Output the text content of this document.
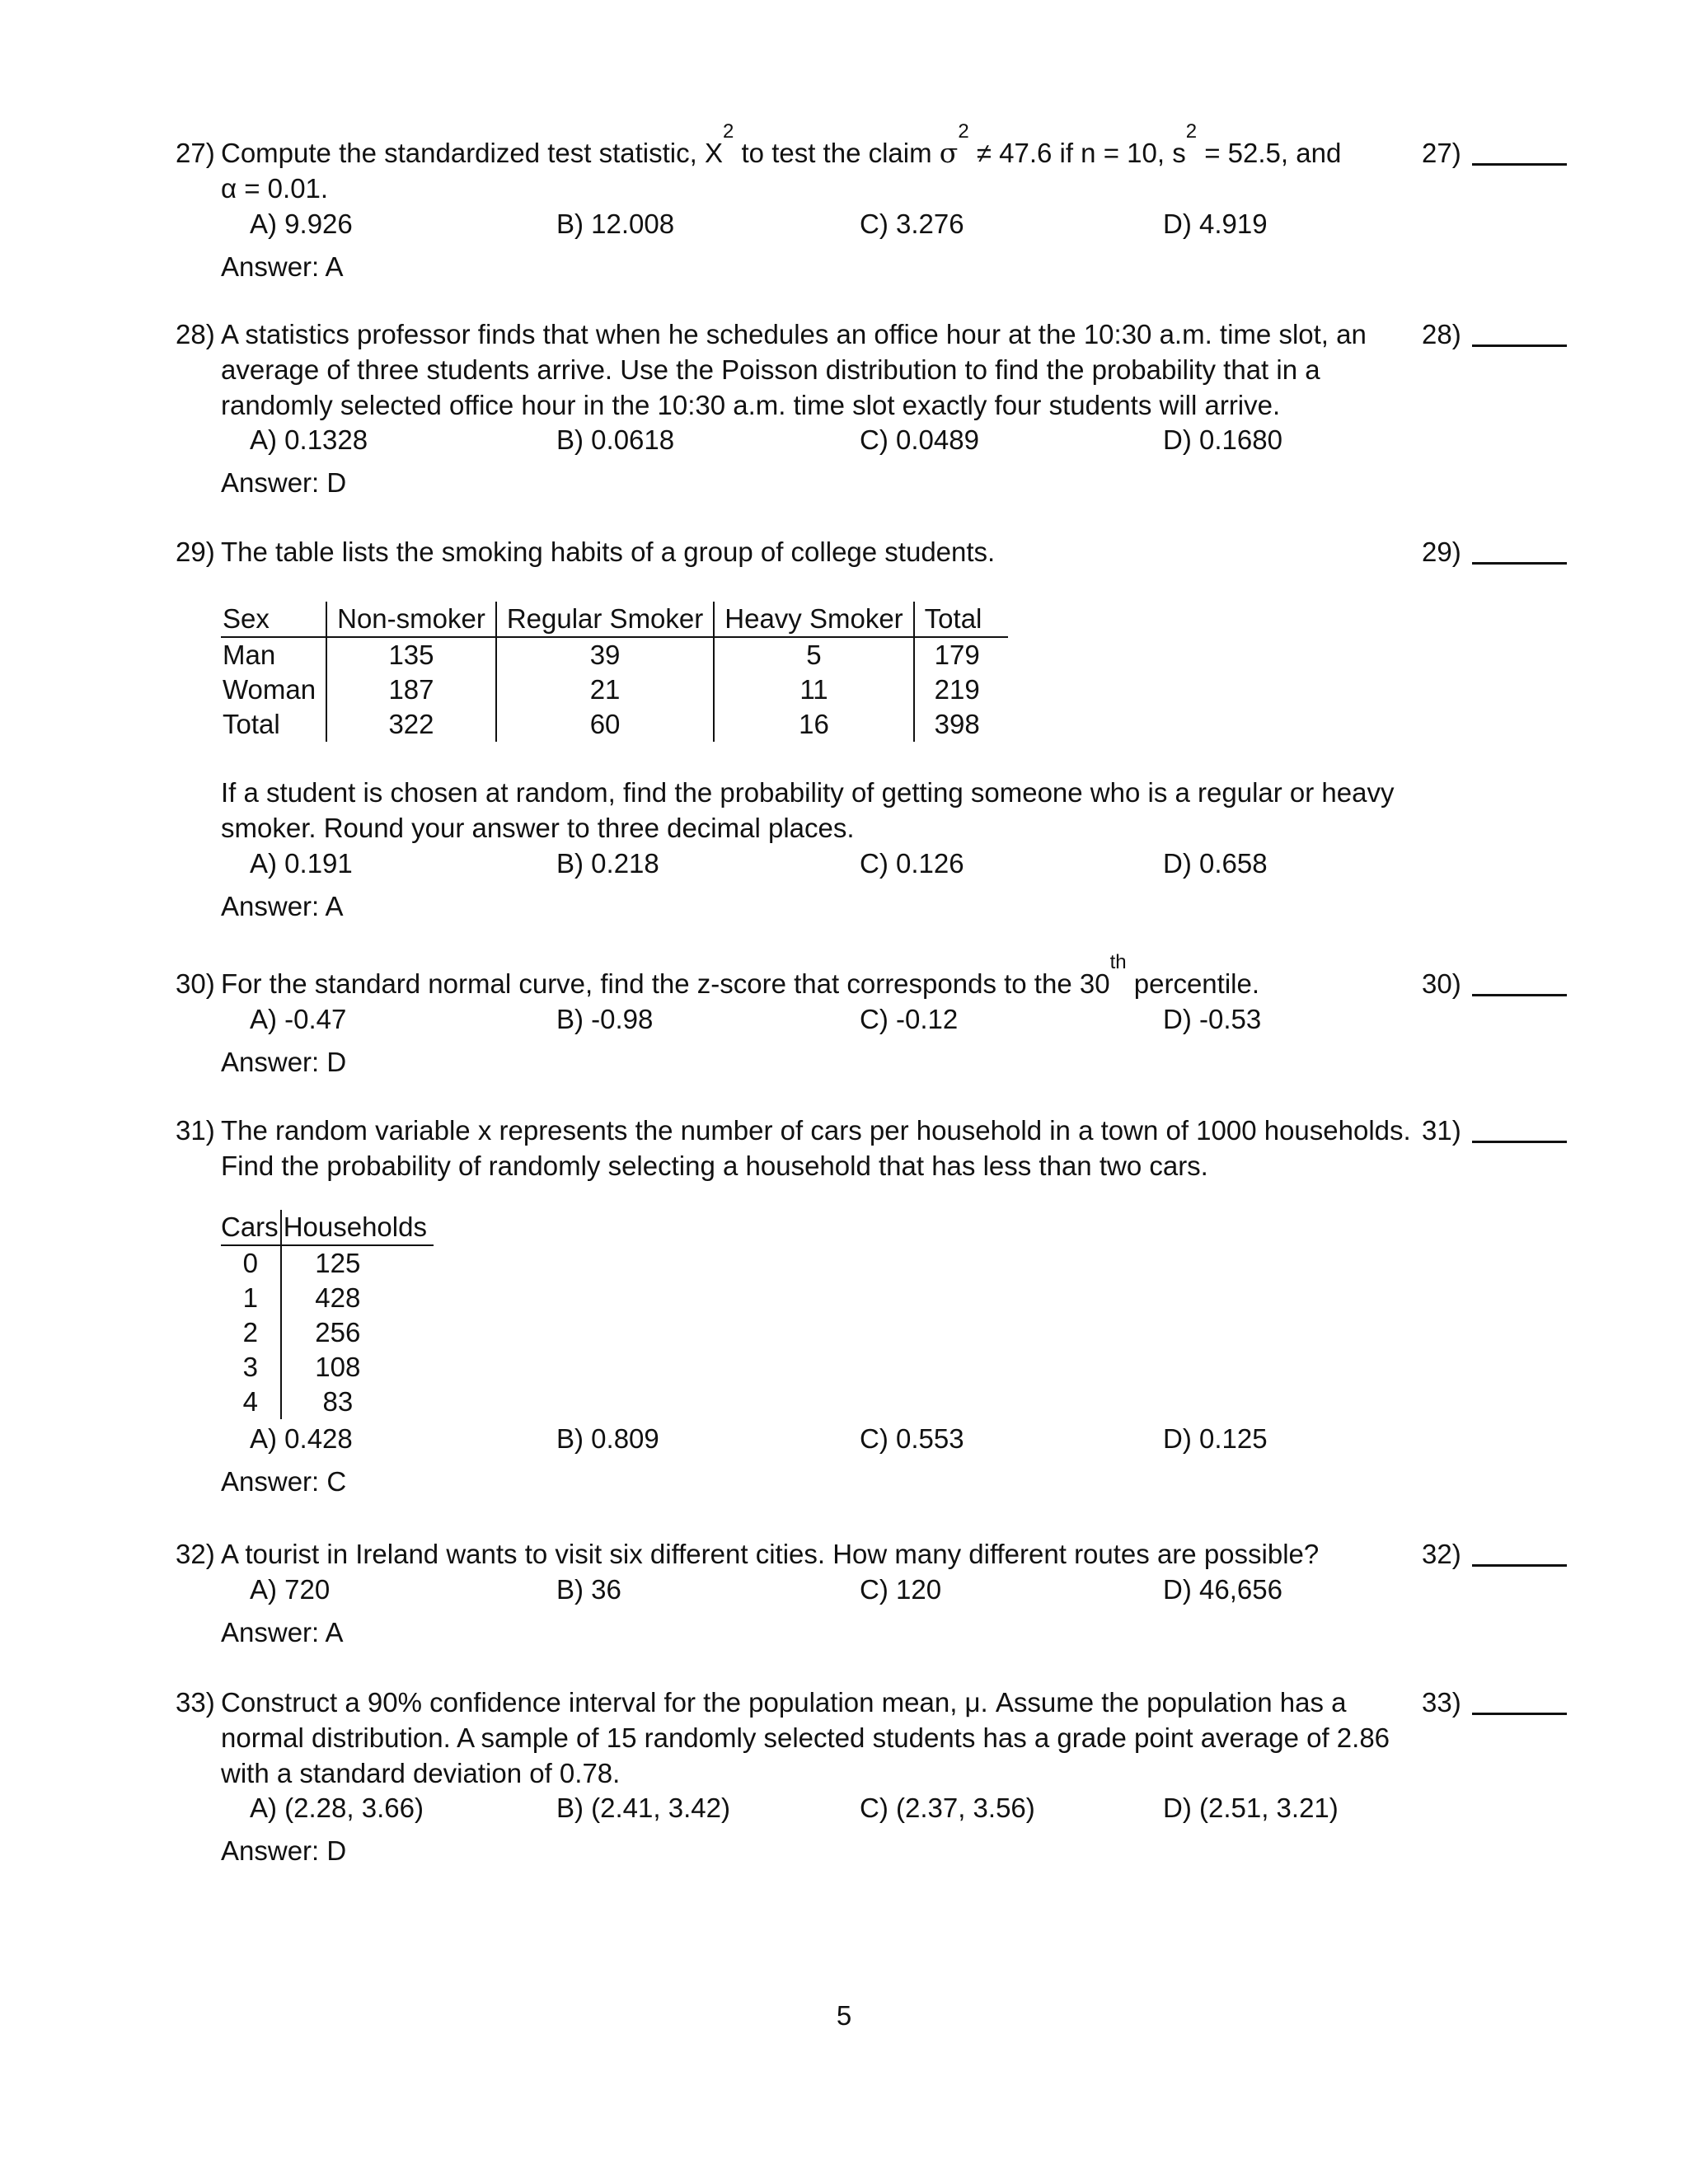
27) Compute the standardized test statistic, $X^2$ to test the claim $\sigma^2 \ne 47.6$ if n = 10, $s^2 = 52.5$, and

α = 0.01.

27)
A) 9.926	B) 12.008	C) 3.276	D) 4.919
Answer: A
28) A statistics professor finds that when he schedules an office hour at the 10:30 a.m. time slot, an

average of three students arrive. Use the Poisson distribution to find the probability that in a

randomly selected office hour in the 10:30 a.m. time slot exactly four students will arrive.

28)
A) 0.1328	B) 0.0618	C) 0.0489	D) 0.1680
Answer: D
29) The table lists the smoking habits of a group of college students.	29)
Sex	Non-smoker	Regular Smoker	Heavy Smoker	Total
Man	135	39	5	179
Woman	187	21	11	219
Total	322	60	16	398

If a student is chosen at random, find the probability of getting someone who is a regular or heavy

smoker. Round your answer to three decimal places.

A) 0.191	B) 0.218	C) 0.126	D) 0.658
Answer: A
30) For the standard normal curve, find the z-score that corresponds to the 30th percentile.	30)
A) -0.47	B) -0.98	C) -0.12	D) -0.53
Answer: D
31) The random variable x represents the number of cars per household in a town of 1000 households.

Find the probability of randomly selecting a household that has less than two cars.

31)
Cars	Households
0	125
1	428
2	256
3	108
4	83
A) 0.428	B) 0.809	C) 0.553	D) 0.125
Answer: C
32) A tourist in Ireland wants to visit six different cities. How many different routes are possible?	32)
A) 720	B) 36	C) 120	D) 46,656
Answer: A
33) Construct a 90% confidence interval for the population mean, μ. Assume the population has a

normal distribution. A sample of 15 randomly selected students has a grade point average of 2.86

with a standard deviation of 0.78.

33)
A) (2.28, 3.66)	B) (2.41, 3.42)	C) (2.37, 3.56)	D) (2.51, 3.21)
Answer: D
5
